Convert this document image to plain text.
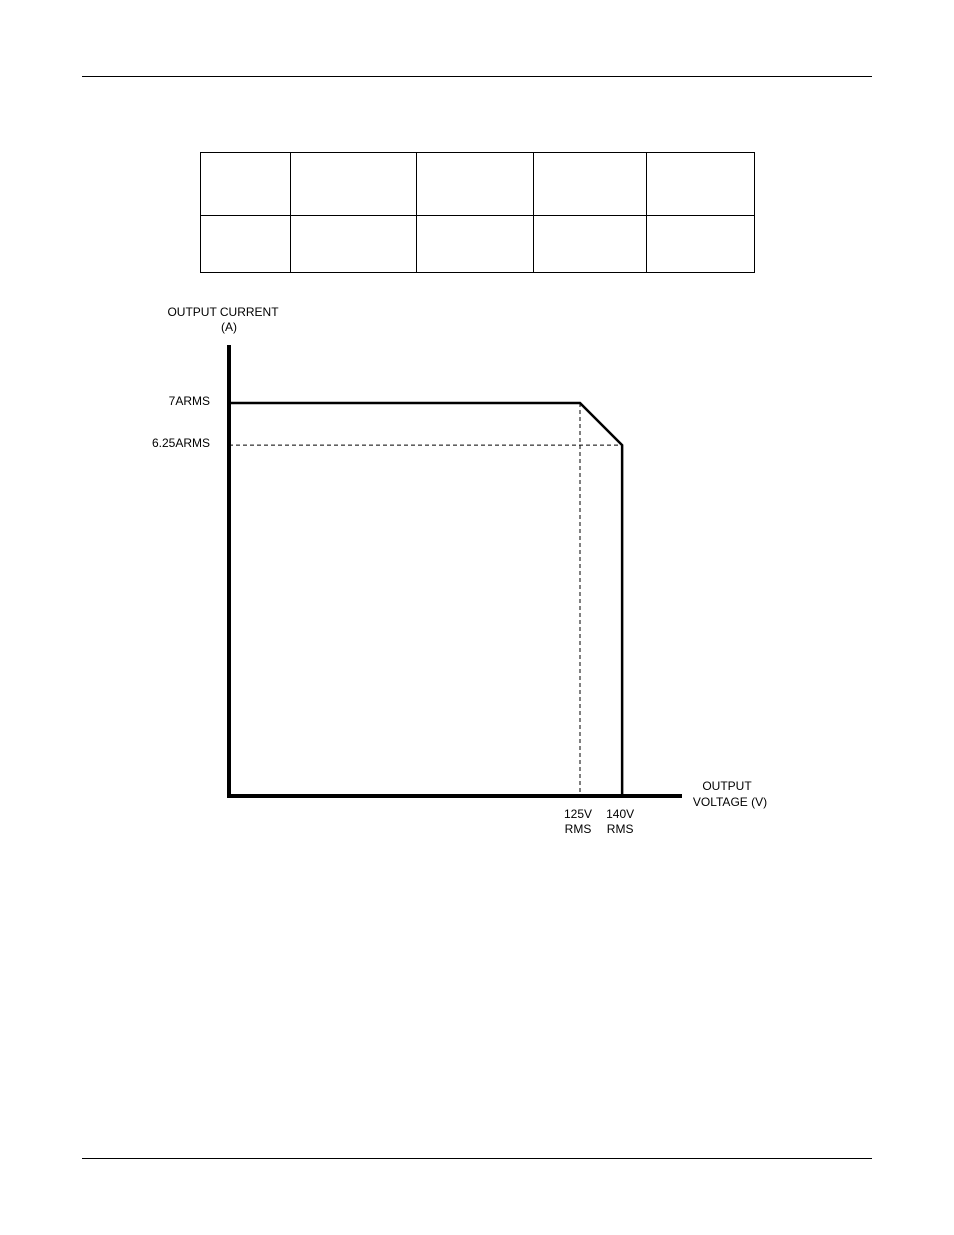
OUTPUT CURRENT
(A)
OUTPUT
VOLTAGE (V)
7ARMS
6.25ARMS
125V
RMS
140V
RMS
